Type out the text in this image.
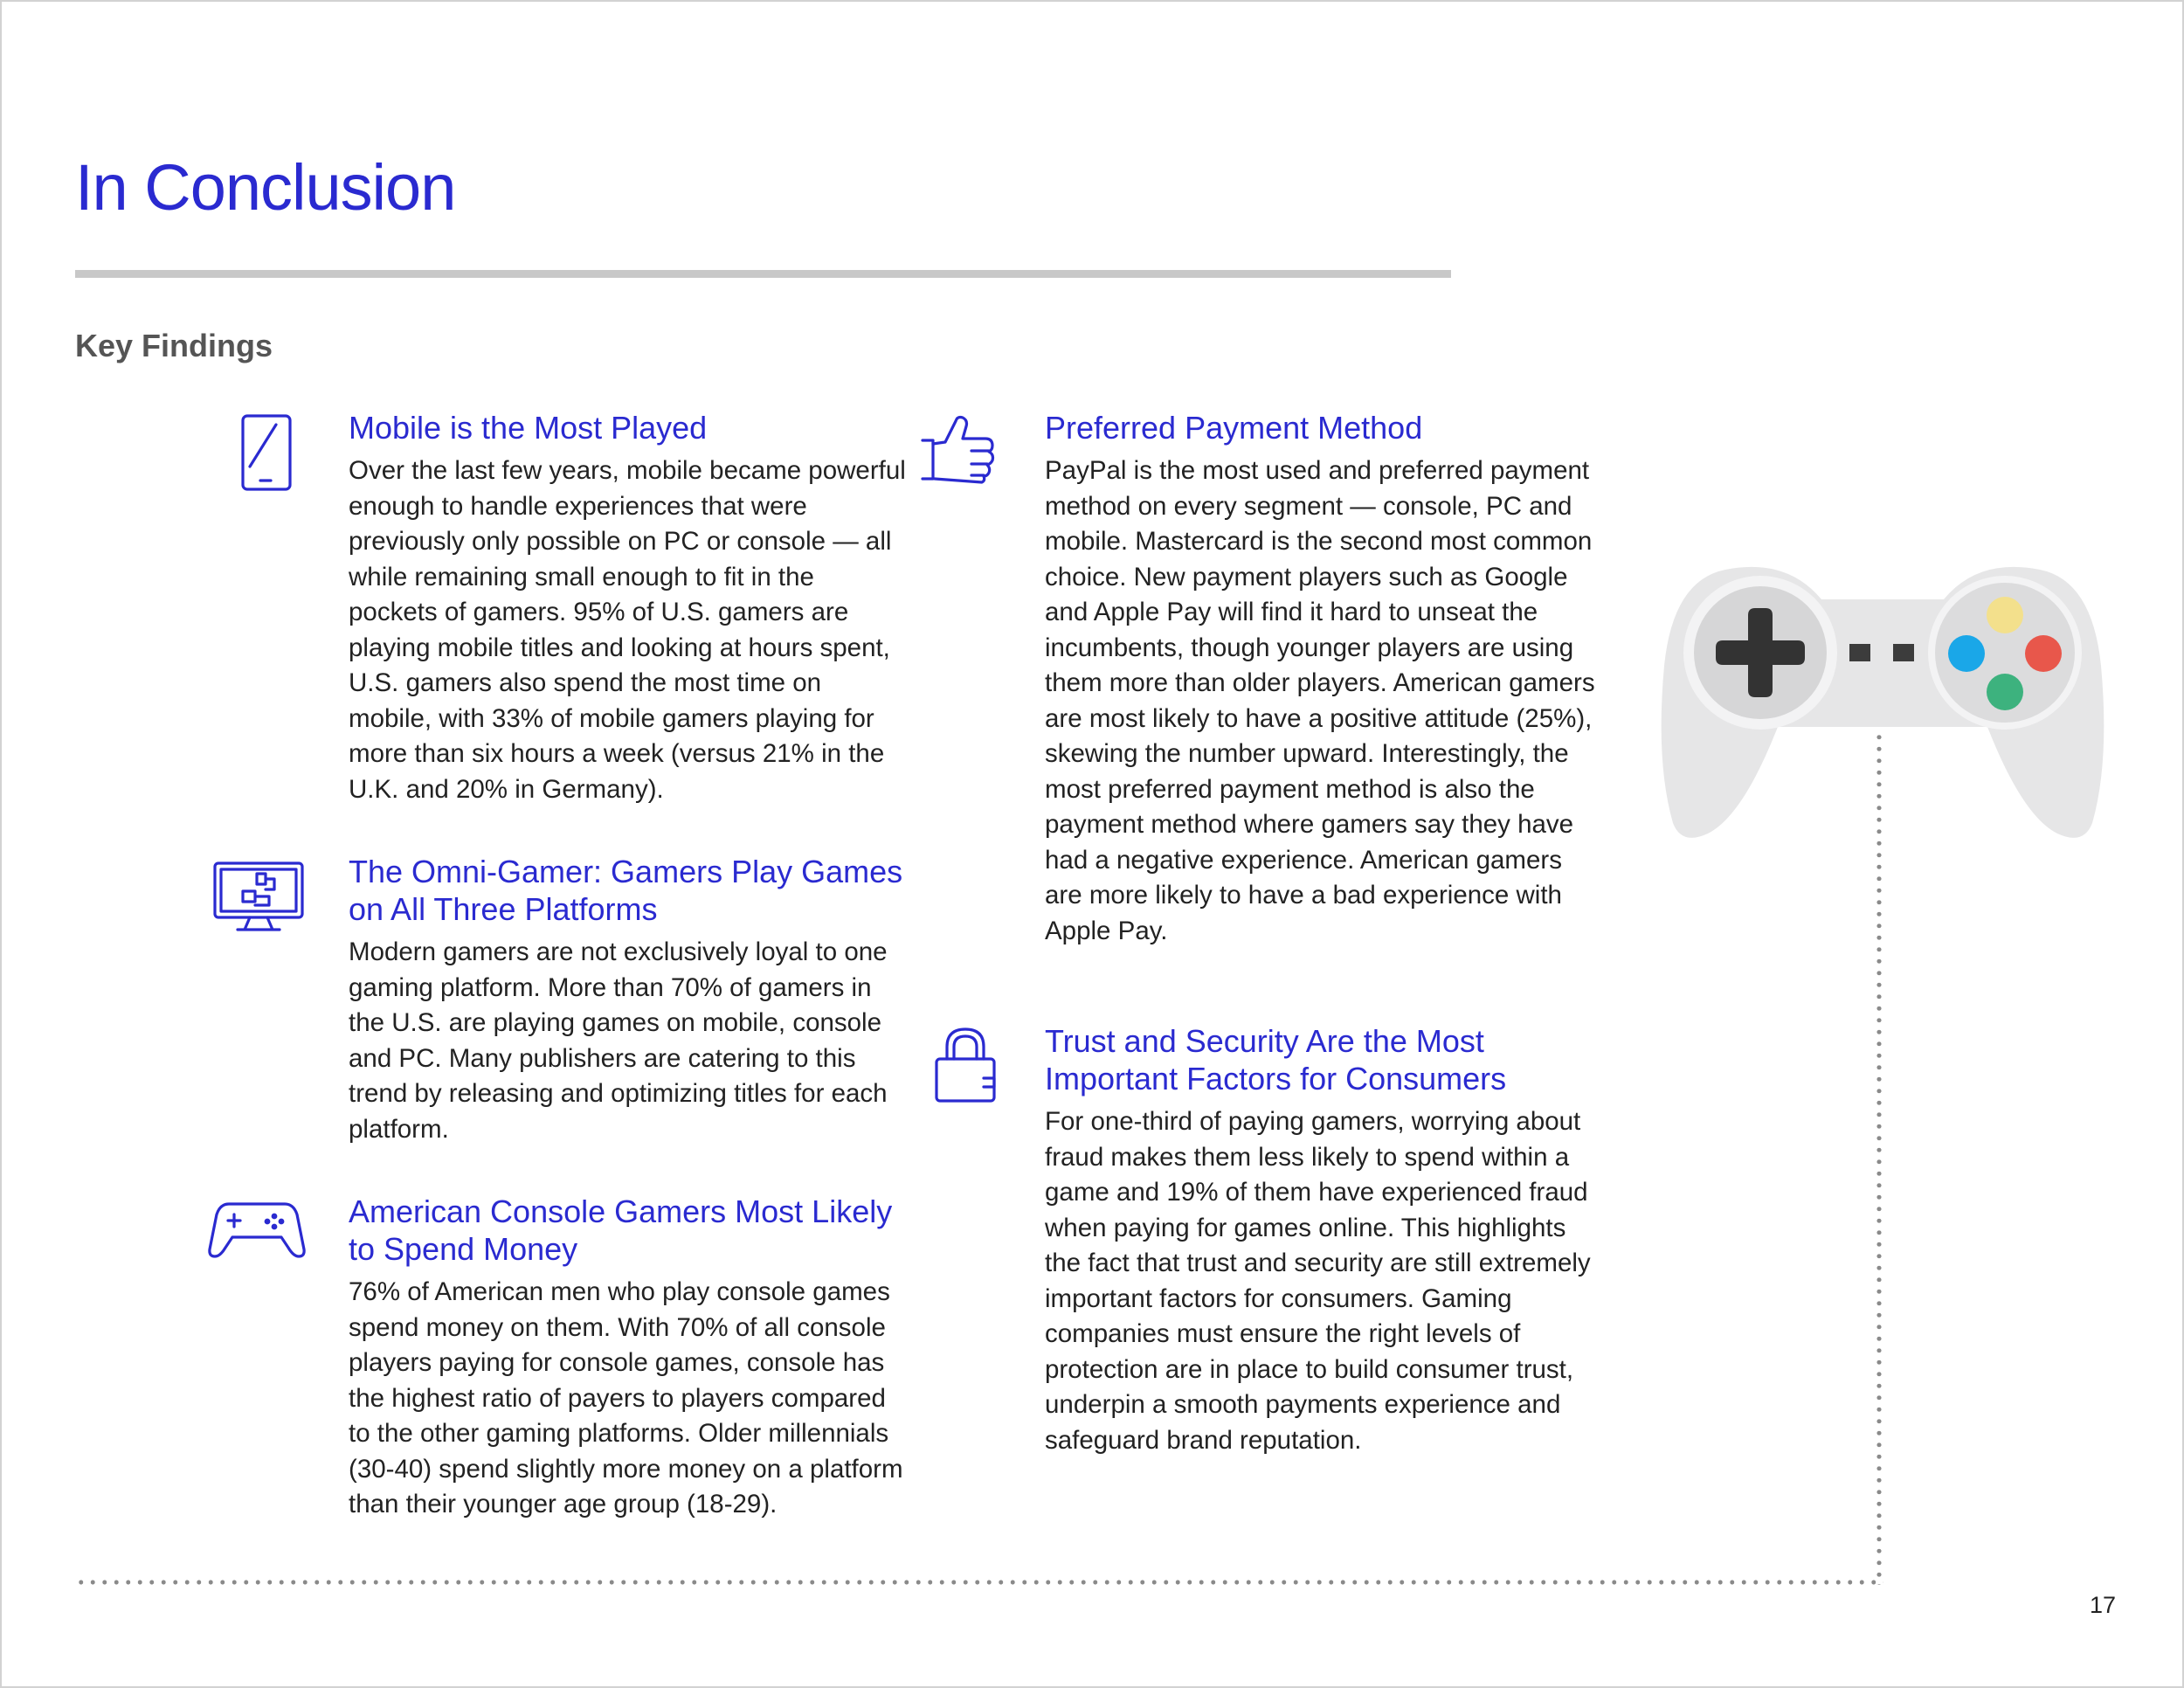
In Conclusion
Key Findings
Mobile is the Most Played

Over the last few years, mobile became powerful enough to handle experiences that were previously only possible on PC or console — all while remaining small enough to fit in the pockets of gamers. 95% of U.S. gamers are playing mobile titles and looking at hours spent, U.S. gamers also spend the most time on mobile, with 33% of mobile gamers playing for more than six hours a week (versus 21% in the U.K. and 20% in Germany).

The Omni-Gamer: Gamers Play Games on All Three Platforms

Modern gamers are not exclusively loyal to one gaming platform. More than 70% of gamers in the U.S. are playing games on mobile, console and PC. Many publishers are catering to this trend by releasing and optimizing titles for each platform.

American Console Gamers Most Likely to Spend Money

76% of American men who play console games spend money on them. With 70% of all console players paying for console games, console has the highest ratio of payers to players compared to the other gaming platforms. Older millennials (30-40) spend slightly more money on a platform than their younger age group (18-29).

Preferred Payment Method

PayPal is the most used and preferred payment method on every segment — console, PC and mobile. Mastercard is the second most common choice. New payment players such as Google and Apple Pay will find it hard to unseat the incumbents, though younger players are using them more than older players. American gamers are most likely to have a positive attitude (25%), skewing the number upward. Interestingly, the most preferred payment method is also the payment method where gamers say they have had a negative experience. American gamers are more likely to have a bad experience with Apple Pay.

Trust and Security Are the Most Important Factors for Consumers

For one-third of paying gamers, worrying about fraud makes them less likely to spend within a game and 19% of them have experienced fraud when paying for games online. This highlights the fact that trust and security are still extremely important factors for consumers. Gaming companies must ensure the right levels of protection are in place to build consumer trust, underpin a smooth payments experience and safeguard brand reputation.

17
